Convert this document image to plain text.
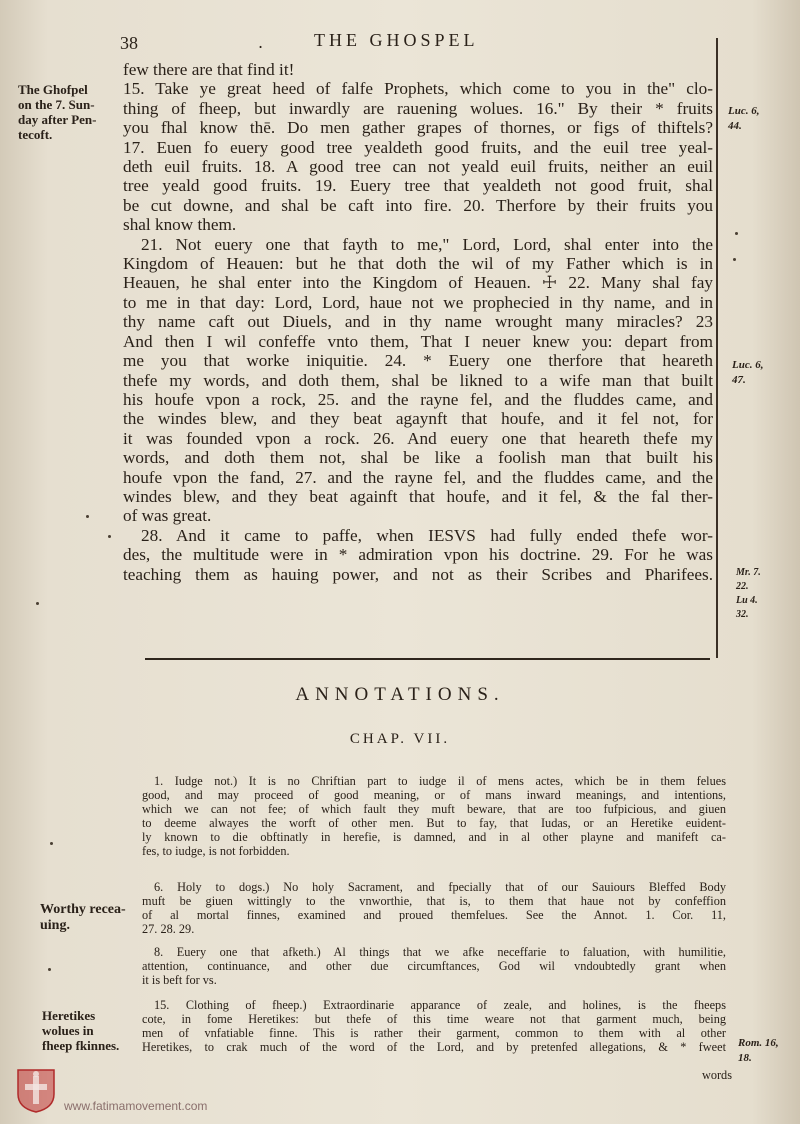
38	.	THE GHOSPEL
The Ghofpel
on the 7. Sun-
day after Pen-
tecoft.
Luc. 6,
44.
Luc. 6,
47.
Mr. 7.
22.
Lu 4.
32.
few there are that find it!
15. Take ye great heed of falfe Prophets, which come to you in the" clo-
thing of fheep, but inwardly are rauening wolues. 16." By their * fruits
you fhal know thē. Do men gather grapes of thornes, or figs of thiftels?
17. Euen fo euery good tree yealdeth good fruits, and the euil tree yeal-
deth euil fruits. 18. A good tree can not yeald euil fruits, neither an euil
tree yeald good fruits. 19. Euery tree that yealdeth not good fruit, shal
be cut downe, and shal be caft into fire. 20. Therfore by their fruits you
shal know them.
21. Not euery one that fayth to me," Lord, Lord, shal enter into the
Kingdom of Heauen: but he that doth the wil of my Father which is in
Heauen, he shal enter into the Kingdom of Heauen. ☩ 22. Many shal fay
to me in that day: Lord, Lord, haue not we prophecied in thy name, and in
thy name caft out Diuels, and in thy name wrought many miracles? 23
And then I wil confeffe vnto them, That I neuer knew you: depart from
me you that worke iniquitie. 24. * Euery one therfore that heareth
thefe my words, and doth them, shal be likned to a wife man that built
his houfe vpon a rock, 25. and the rayne fel, and the fluddes came, and
the windes blew, and they beat agaynft that houfe, and it fel not, for
it was founded vpon a rock. 26. And euery one that heareth thefe my
words, and doth them not, shal be like a foolish man that built his
houfe vpon the fand, 27. and the rayne fel, and the fluddes came, and the
windes blew, and they beat againft that houfe, and it fel, & the fal ther-
of was great.
28. And it came to paffe, when IESVS had fully ended thefe wor-
des, the multitude were in * admiration vpon his doctrine. 29. For he was
teaching them as hauing power, and not as their Scribes and Pharifees.
ANNOTATIONS.
CHAP. VII.
Worthy recea-
uing.
Heretikes
wolues in
fheep fkinnes.	Rom. 16,
18.
1. Iudge not.) It is no Chriftian part to iudge il of mens actes, which be in them felues
good, and may proceed of good meaning, or of mans inward meanings, and intentions,
which we can not fee; of which fault they muft beware, that are too fufpicious, and giuen
to deeme alwayes the worft of other men. But to fay, that Iudas, or an Heretike euident-
ly known to die obftinatly in herefie, is damned, and in al other playne and manifeft ca-
fes, to iudge, is not forbidden.
6. Holy to dogs.) No holy Sacrament, and fpecially that of our Sauiours Bleffed Body
muft be giuen wittingly to the vnworthie, that is, to them that haue not by confeffion
of al mortal finnes, examined and proued themfelues. See the Annot. 1. Cor. 11,
27. 28. 29.
8. Euery one that afketh.) Al things that we afke neceffarie to faluation, with humilitie,
attention, continuance, and other due circumftances, God wil vndoubtedly grant when
it is beft for vs.
15. Clothing of fheep.) Extraordinarie apparance of zeale, and holines, is the fheeps
cote, in fome Heretikes: but thefe of this time weare not that garment much, being
men of vnfatiable finne. This is rather their garment, common to them with al other
Heretikes, to crak much of the word of the Lord, and by pretenfed allegations, & * fweet
words
www.fatimamovement.com
